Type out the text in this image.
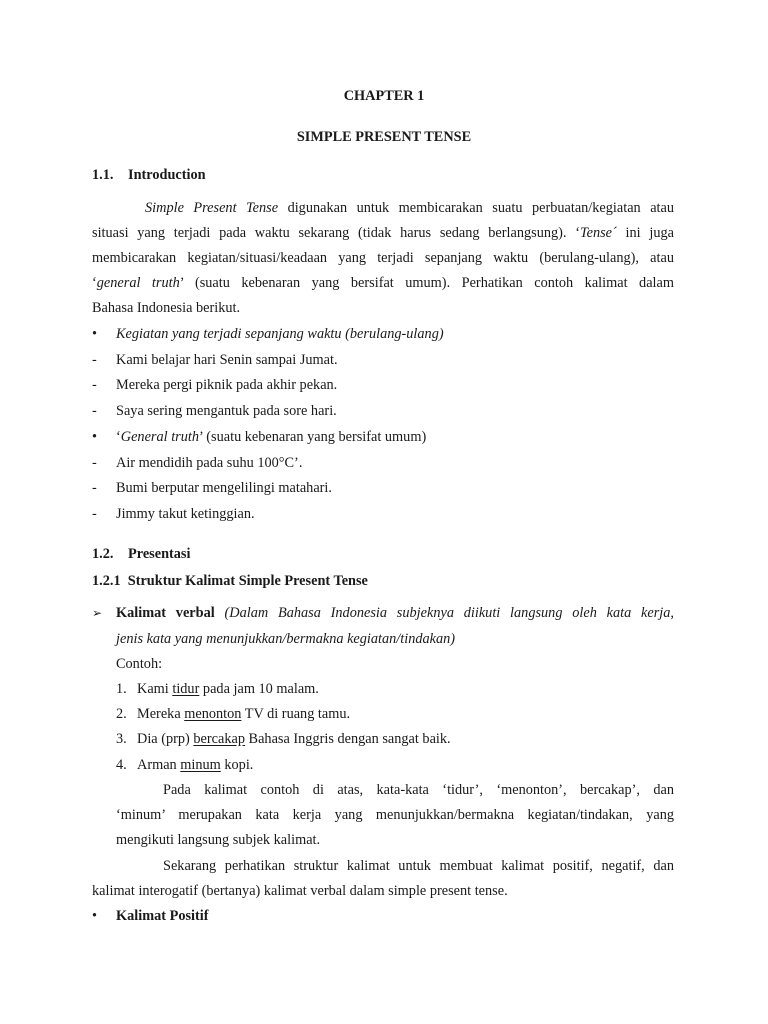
CHAPTER 1
SIMPLE PRESENT TENSE
1.1. Introduction
Simple Present Tense digunakan untuk membicarakan suatu perbuatan/kegiatan atau
situasi yang terjadi pada waktu sekarang (tidak harus sedang berlangsung). ‘Tense´ ini juga
membicarakan kegiatan/situasi/keadaan yang terjadi sepanjang waktu (berulang-ulang), atau
‘general truth’ (suatu kebenaran yang bersifat umum). Perhatikan contoh kalimat dalam
Bahasa Indonesia berikut.
• Kegiatan yang terjadi sepanjang waktu (berulang-ulang)
- Kami belajar hari Senin sampai Jumat.
- Mereka pergi piknik pada akhir pekan.
- Saya sering mengantuk pada sore hari.
• ‘General truth’ (suatu kebenaran yang bersifat umum)
- Air mendidih pada suhu 100°C’.
- Bumi berputar mengelilingi matahari.
- Jimmy takut ketinggian.
1.2. Presentasi
1.2.1 Struktur Kalimat Simple Present Tense
➢ Kalimat verbal (Dalam Bahasa Indonesia subjeknya diikuti langsung oleh kata kerja,
jenis kata yang menunjukkan/bermakna kegiatan/tindakan)
Contoh:
1. Kami tidur pada jam 10 malam.
2. Mereka menonton TV di ruang tamu.
3. Dia (prp) bercakap Bahasa Inggris dengan sangat baik.
4. Arman minum kopi.
Pada kalimat contoh di atas, kata-kata ‘tidur’, ‘menonton’, bercakap’, dan
‘minum’ merupakan kata kerja yang menunjukkan/bermakna kegiatan/tindakan, yang
mengikuti langsung subjek kalimat.
Sekarang perhatikan struktur kalimat untuk membuat kalimat positif, negatif, dan
kalimat interogatif (bertanya) kalimat verbal dalam simple present tense.
• Kalimat Positif
